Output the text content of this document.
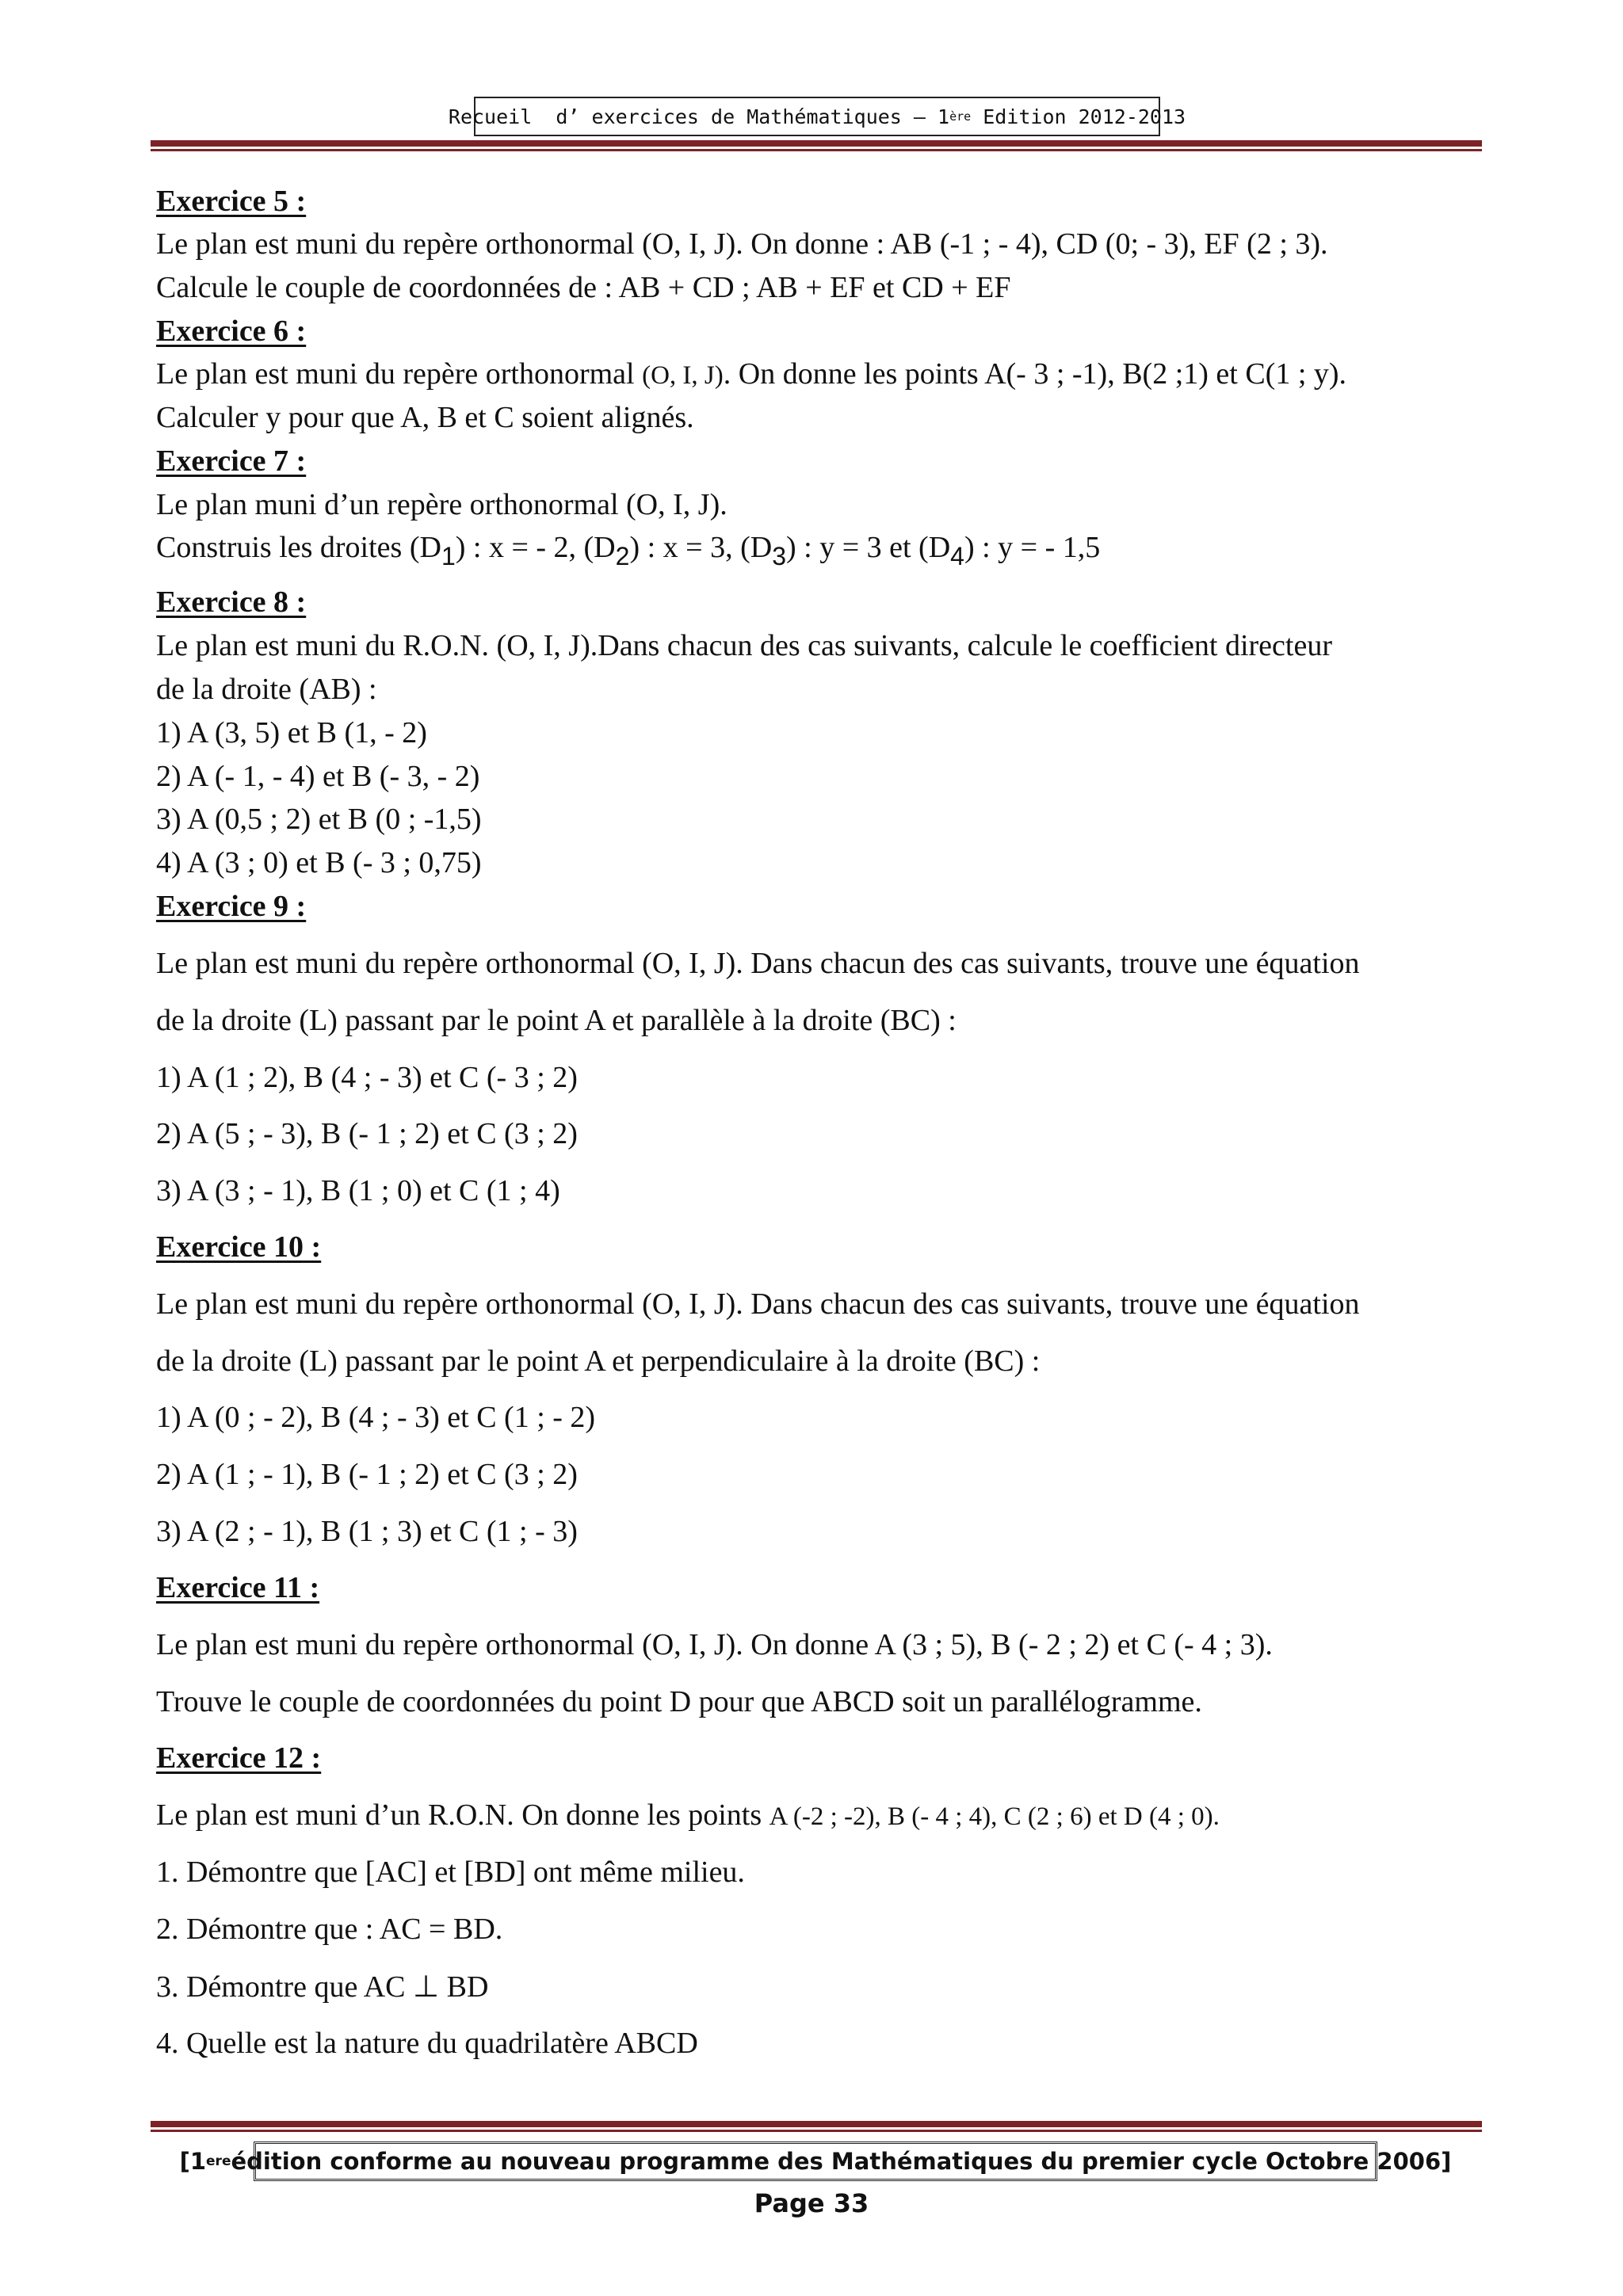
Recueil  d’ exercices de Mathématiques – 1 ère Edition 2012-2013
Exercice 5 :
Le plan est muni du repère orthonormal (O, I, J). On donne : AB (-1 ; - 4), CD (0; - 3), EF (2 ; 3).
Calcule le couple de coordonnées de : AB + CD ; AB + EF et CD + EF
Exercice 6 :
Le plan est muni du repère orthonormal (O, I, J). On donne les points A(- 3 ; -1), B(2 ;1) et C(1 ; y).
Calculer y pour que A, B et C soient alignés.
Exercice 7 :
Le plan muni d’un repère orthonormal (O, I, J).
Construis les droites $(D_1)$ : x = - 2, $(D_2)$ : x = 3, $(D_3)$ : y = 3 et $(D_4)$ : y = - 1,5
Exercice 8 :
Le plan est muni du R.O.N. (O, I, J).Dans chacun des cas suivants, calcule le coefficient directeur
de la droite (AB) :
1) A (3, 5) et B (1, - 2)
2) A (- 1, - 4) et B (- 3, - 2)
3) A (0,5 ; 2) et B (0 ; -1,5)
4) A (3 ; 0) et B (- 3 ; 0,75)
Exercice 9 :
Le plan est muni du repère orthonormal (O, I, J). Dans chacun des cas suivants, trouve une équation
de la droite (L) passant par le point A et parallèle à la droite (BC) :
1) A (1 ; 2), B (4 ; - 3) et C (- 3 ; 2)
2) A (5 ; - 3), B (- 1 ; 2) et C (3 ; 2)
3) A (3 ; - 1), B (1 ; 0) et C (1 ; 4)
Exercice 10 :
Le plan est muni du repère orthonormal (O, I, J). Dans chacun des cas suivants, trouve une équation
de la droite (L) passant par le point A et perpendiculaire à la droite (BC) :
1) A (0 ; - 2), B (4 ; - 3) et C (1 ; - 2)
2) A (1 ; - 1), B (- 1 ; 2) et C (3 ; 2)
3) A (2 ; - 1), B (1 ; 3) et C (1 ; - 3)
Exercice 11 :
Le plan est muni du repère orthonormal (O, I, J). On donne A (3 ; 5), B (- 2 ; 2) et C (- 4 ; 3).
Trouve le couple de coordonnées du point D pour que ABCD soit un parallélogramme.
Exercice 12 :
Le plan est muni d’un R.O.N. On donne les points A (-2 ; -2), B (- 4 ; 4), C (2 ; 6) et D (4 ; 0).
1. Démontre que [AC] et [BD] ont même milieu.
2. Démontre que : AC = BD.
3. Démontre que AC ⊥ BD
4. Quelle est la nature du quadrilatère ABCD
[ 1 ere édition conforme au nouveau programme des Mathématiques du premier cycle Octobre 2006 ]
Page 33
